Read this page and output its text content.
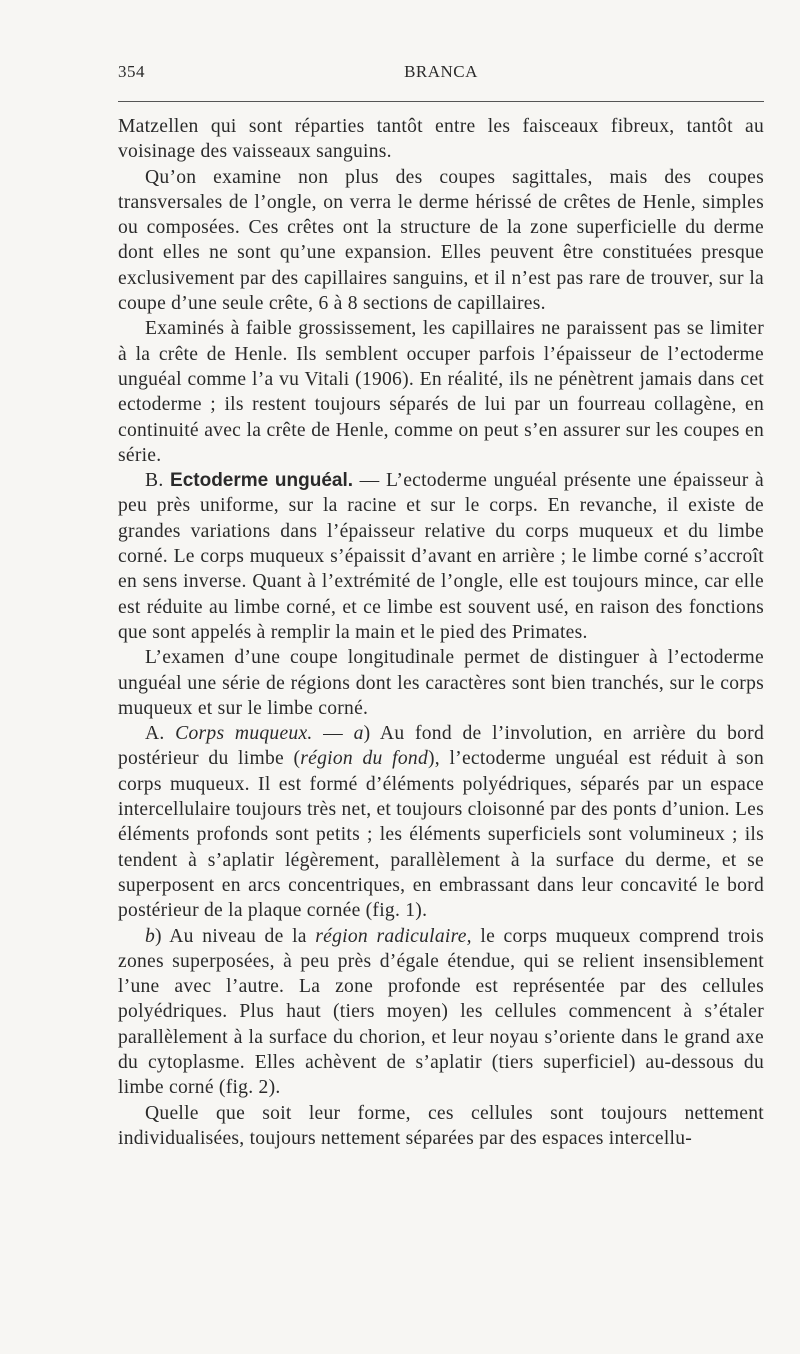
354	BRANCA

Matzellen qui sont réparties tantôt entre les faisceaux fibreux, tantôt au voisinage des vaisseaux sanguins.

Qu’on examine non plus des coupes sagittales, mais des coupes transversales de l’ongle, on verra le derme hérissé de crêtes de Henle, simples ou composées. Ces crêtes ont la structure de la zone superficielle du derme dont elles ne sont qu’une expansion. Elles peuvent être constituées presque exclusivement par des capillaires sanguins, et il n’est pas rare de trouver, sur la coupe d’une seule crête, 6 à 8 sections de capillaires.

Examinés à faible grossissement, les capillaires ne paraissent pas se limiter à la crête de Henle. Ils semblent occuper parfois l’épaisseur de l’ectoderme unguéal comme l’a vu Vitali (1906). En réalité, ils ne pénètrent jamais dans cet ectoderme ; ils restent toujours séparés de lui par un fourreau collagène, en continuité avec la crête de Henle, comme on peut s’en assurer sur les coupes en série.

B. Ectoderme unguéal. — L’ectoderme unguéal présente une épaisseur à peu près uniforme, sur la racine et sur le corps. En revanche, il existe de grandes variations dans l’épaisseur relative du corps muqueux et du limbe corné. Le corps muqueux s’épaissit d’avant en arrière ; le limbe corné s’accroît en sens inverse. Quant à l’extrémité de l’ongle, elle est toujours mince, car elle est réduite au limbe corné, et ce limbe est souvent usé, en raison des fonctions que sont appelés à remplir la main et le pied des Primates.

L’examen d’une coupe longitudinale permet de distinguer à l’ectoderme unguéal une série de régions dont les caractères sont bien tranchés, sur le corps muqueux et sur le limbe corné.

A. Corps muqueux. — a) Au fond de l’involution, en arrière du bord postérieur du limbe (région du fond), l’ectoderme unguéal est réduit à son corps muqueux. Il est formé d’éléments polyédriques, séparés par un espace intercellulaire toujours très net, et toujours cloisonné par des ponts d’union. Les éléments profonds sont petits ; les éléments superficiels sont volumineux ; ils tendent à s’aplatir légèrement, parallèlement à la surface du derme, et se superposent en arcs concentriques, en embrassant dans leur concavité le bord postérieur de la plaque cornée (fig. 1).

b) Au niveau de la région radiculaire, le corps muqueux comprend trois zones superposées, à peu près d’égale étendue, qui se relient insensiblement l’une avec l’autre. La zone profonde est représentée par des cellules polyédriques. Plus haut (tiers moyen) les cellules commencent à s’étaler parallèlement à la surface du chorion, et leur noyau s’oriente dans le grand axe du cytoplasme. Elles achèvent de s’aplatir (tiers superficiel) au-dessous du limbe corné (fig. 2).

Quelle que soit leur forme, ces cellules sont toujours nettement individualisées, toujours nettement séparées par des espaces intercellu-
